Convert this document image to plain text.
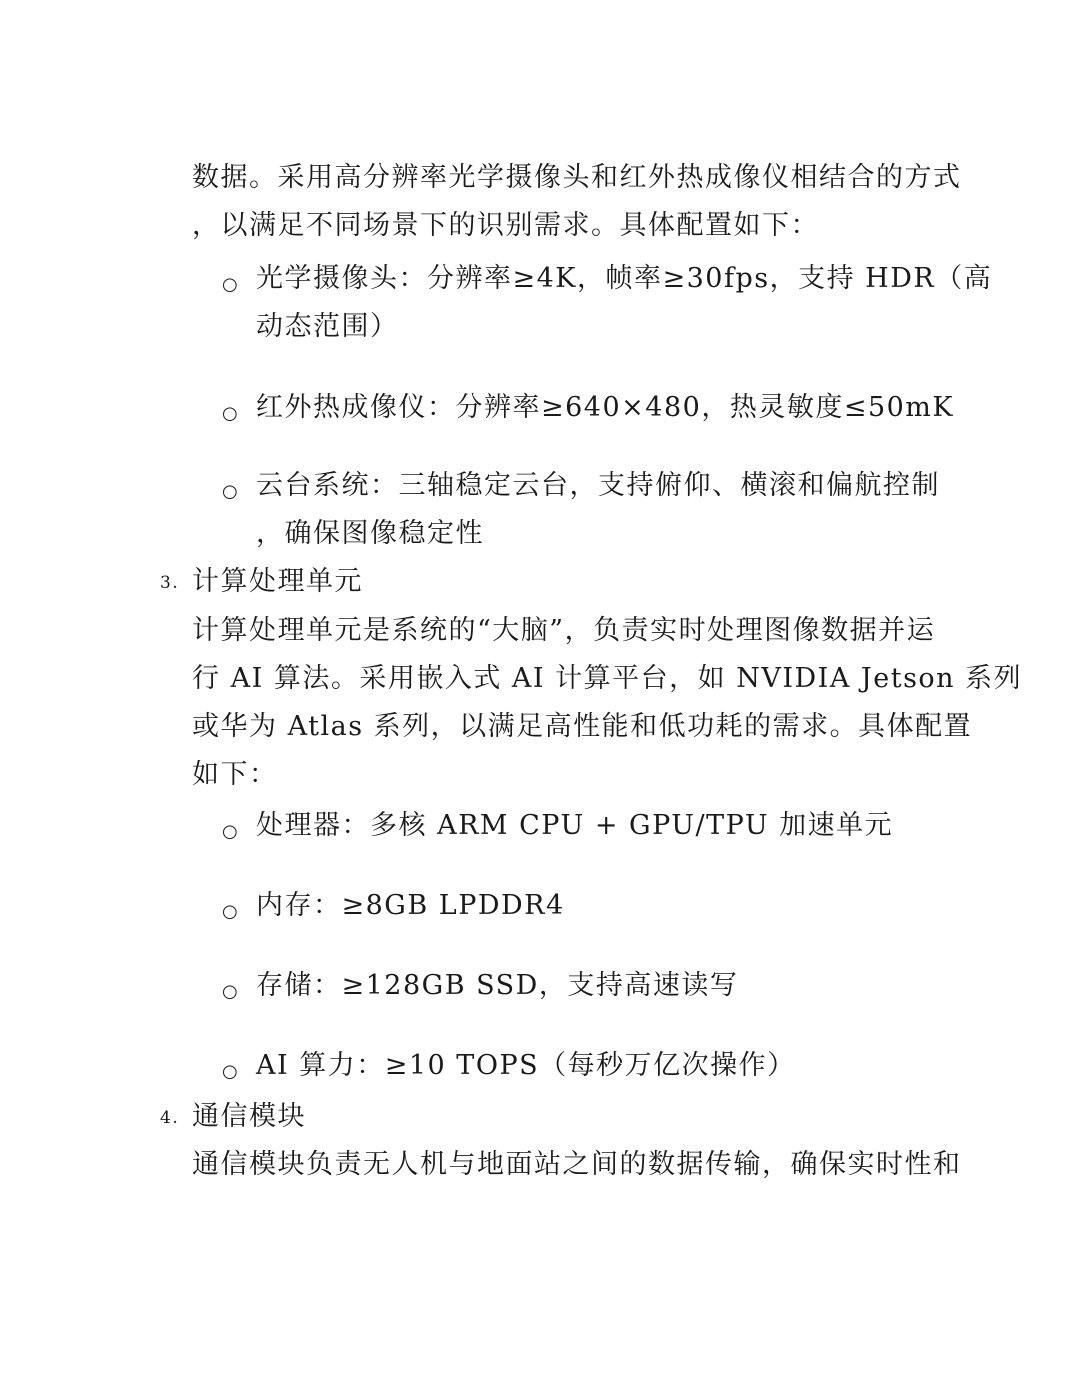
数据。采用高分辨率光学摄像头和红外热成像仪相结合的方式
，以满足不同场景下的识别需求。具体配置如下：
○ 光学摄像头：分辨率≥4K，帧率≥30fps，支持 HDR（高
动态范围）
○ 红外热成像仪：分辨率≥640×480，热灵敏度≤50mK
○ 云台系统：三轴稳定云台，支持俯仰、横滚和偏航控制
，确保图像稳定性
3. 计算处理单元
计算处理单元是系统的“大脑”，负责实时处理图像数据并运
行 AI 算法。采用嵌入式 AI 计算平台，如 NVIDIA Jetson 系列
或华为 Atlas 系列，以满足高性能和低功耗的需求。具体配置
如下：
○ 处理器：多核 ARM CPU + GPU/TPU 加速单元
○ 内存：≥8GB LPDDR4
○ 存储：≥128GB SSD，支持高速读写
○ AI 算力：≥10 TOPS（每秒万亿次操作）
4. 通信模块
通信模块负责无人机与地面站之间的数据传输，确保实时性和
